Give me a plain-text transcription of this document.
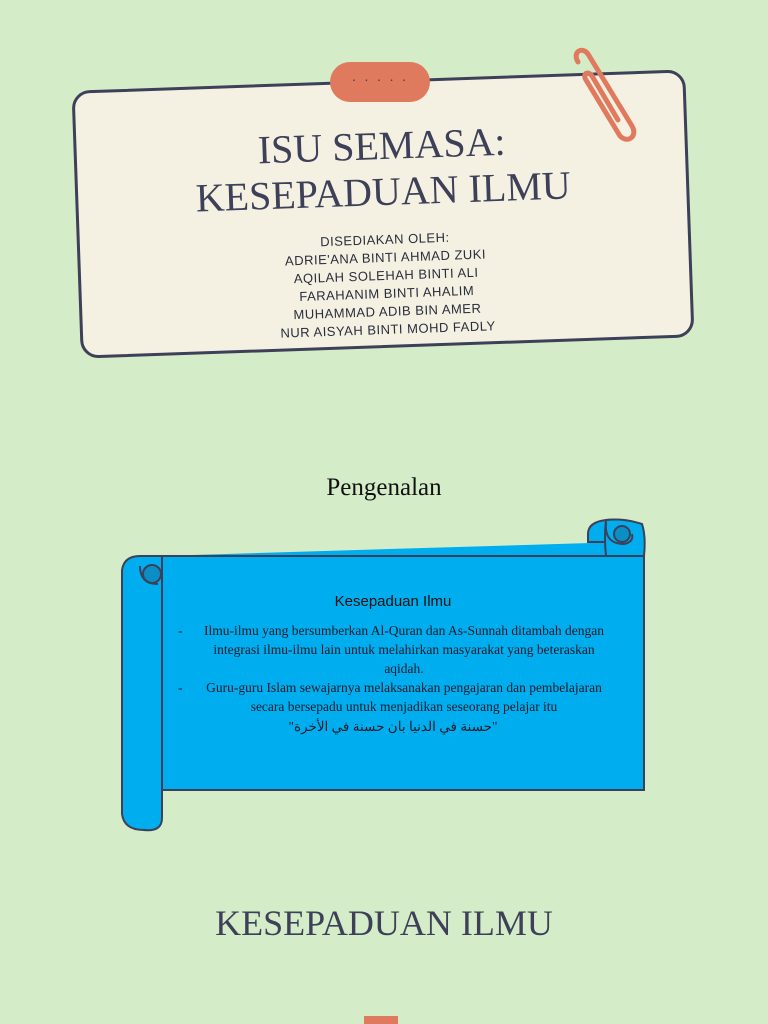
ISU SEMASA:
KESEPADUAN ILMU
DISEDIAKAN OLEH:
ADRIE'ANA BINTI AHMAD ZUKI
AQILAH SOLEHAH BINTI ALI
FARAHANIM BINTI AHALIM
MUHAMMAD ADIB BIN AMER
NUR AISYAH BINTI MOHD FADLY
· · · · ·
Pengenalan
Kesepaduan Ilmu
-	Ilmu-ilmu yang bersumberkan Al-Quran dan As-Sunnah ditambah dengan integrasi ilmu-ilmu lain untuk melahirkan masyarakat yang beteraskan aqidah.
-	Guru-guru Islam sewajarnya melaksanakan pengajaran dan pembelajaran secara bersepadu untuk menjadikan seseorang pelajar itu
"حسنة في الدنيا بان حسنة في الأخرة"
KESEPADUAN ILMU
